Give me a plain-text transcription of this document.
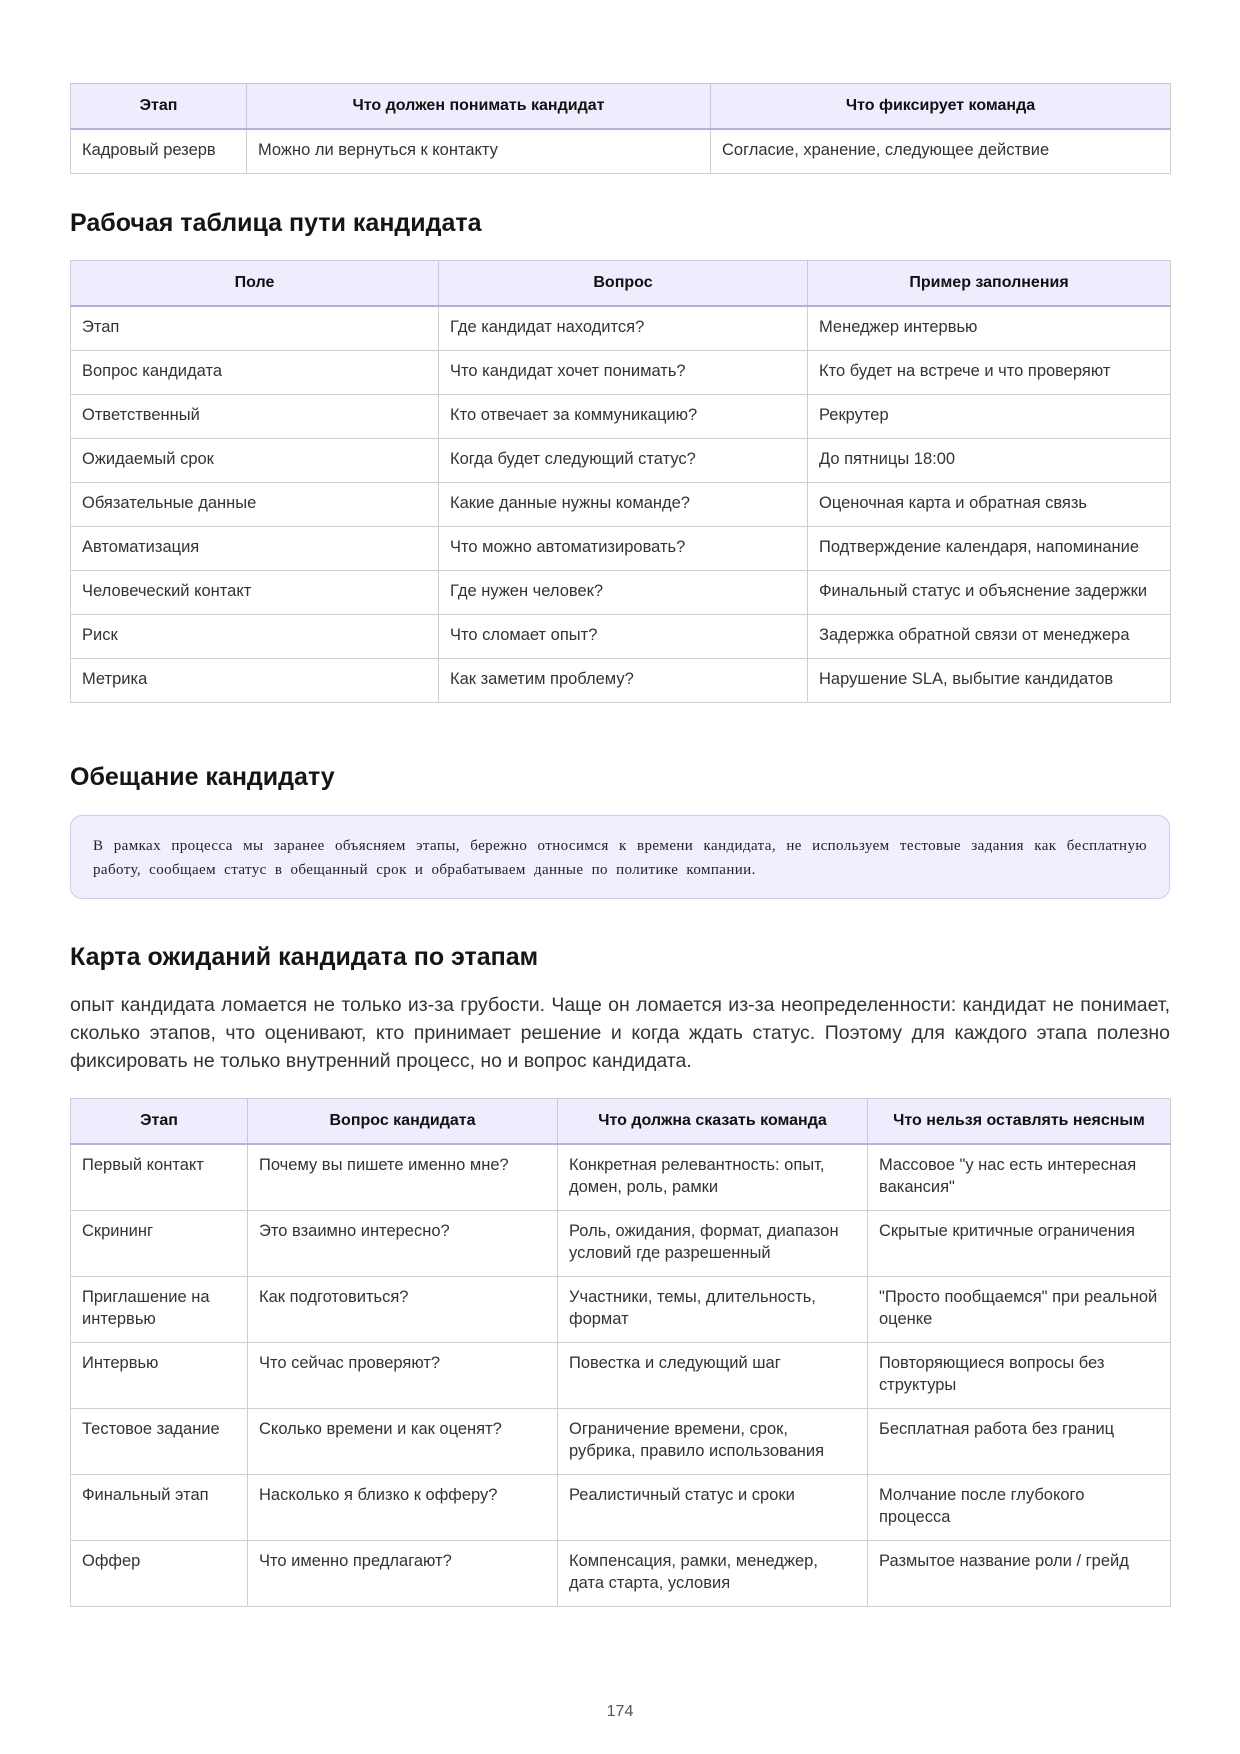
Этап	Что должен понимать кандидат	Что фиксирует команда
Кадровый резерв	Можно ли вернуться к контакту	Согласие, хранение, следующее действие
Рабочая таблица пути кандидата
Поле	Вопрос	Пример заполнения
Этап	Где кандидат находится?	Менеджер интервью
Вопрос кандидата	Что кандидат хочет понимать?	Кто будет на встрече и что проверяют
Ответственный	Кто отвечает за коммуникацию?	Рекрутер
Ожидаемый срок	Когда будет следующий статус?	До пятницы 18:00
Обязательные данные	Какие данные нужны команде?	Оценочная карта и обратная связь
Автоматизация	Что можно автоматизировать?	Подтверждение календаря, напоминание
Человеческий контакт	Где нужен человек?	Финальный статус и объяснение задержки
Риск	Что сломает опыт?	Задержка обратной связи от менеджера
Метрика	Как заметим проблему?	Нарушение SLA, выбытие кандидатов
Обещание кандидату
В рамках процесса мы заранее объясняем этапы, бережно относимся к времени кандидата, не используем тестовые задания как бесплатную работу, сообщаем статус в обещанный срок и обрабатываем данные по политике компании.
Карта ожиданий кандидата по этапам

опыт кандидата ломается не только из-за грубости. Чаще он ломается из-за неопределенности: кандидат не понимает, сколько этапов, что оценивают, кто принимает решение и когда ждать статус. Поэтому для каждого этапа полезно фиксировать не только внутренний процесс, но и вопрос кандидата.

Этап	Вопрос кандидата	Что должна сказать команда	Что нельзя оставлять неясным
Первый контакт	Почему вы пишете именно мне?	Конкретная релевантность: опыт, домен, роль, рамки	Массовое "у нас есть интересная вакансия"
Скрининг	Это взаимно интересно?	Роль, ожидания, формат, диапазон условий где разрешенный	Скрытые критичные ограничения
Приглашение на интервью	Как подготовиться?	Участники, темы, длительность, формат	"Просто пообщаемся" при реальной оценке
Интервью	Что сейчас проверяют?	Повестка и следующий шаг	Повторяющиеся вопросы без структуры
Тестовое задание	Сколько времени и как оценят?	Ограничение времени, срок, рубрика, правило использования	Бесплатная работа без границ
Финальный этап	Насколько я близко к офферу?	Реалистичный статус и сроки	Молчание после глубокого процесса
Оффер	Что именно предлагают?	Компенсация, рамки, менеджер, дата старта, условия	Размытое название роли / грейд
174
